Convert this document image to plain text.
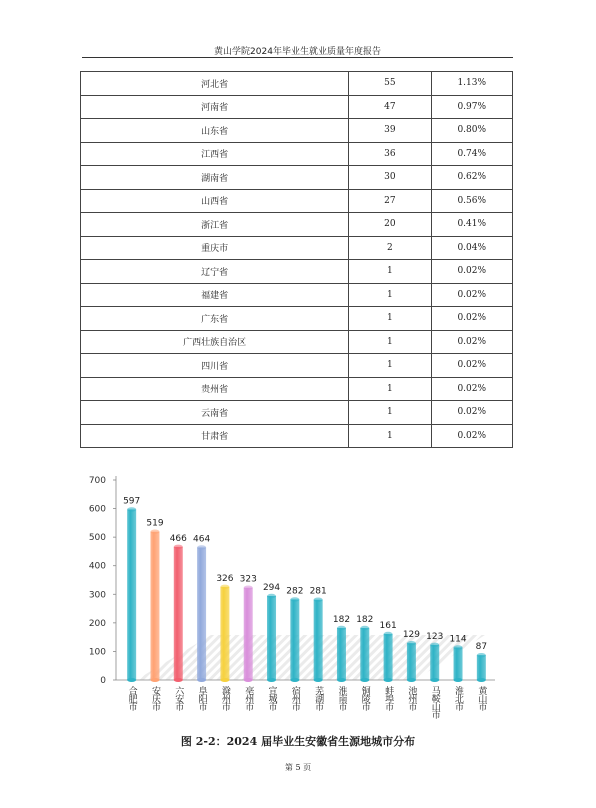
黄山学院2024年毕业生就业质量年度报告
河北省	55	1.13%
河南省	47	0.97%
山东省	39	0.80%
江西省	36	0.74%
湖南省	30	0.62%
山西省	27	0.56%
浙江省	20	0.41%
重庆市	2	0.04%
辽宁省	1	0.02%
福建省	1	0.02%
广东省	1	0.02%
广西壮族自治区	1	0.02%
四川省	1	0.02%
贵州省	1	0.02%
云南省	1	0.02%
甘肃省	1	0.02%
0
100
200
300
400
500
600
700
597
合肥市
519
安庆市
466
六安市
464
阜阳市
326
滁州市
323
亳州市
294
宣城市
282
宿州市
281
芜湖市
182
淮南市
182
铜陵市
161
蚌埠市
129
池州市
123
马鞍山市
114
淮北市
87
黄山市
图 2-2：2024 届毕业生安徽省生源地城市分布
第 5 页
